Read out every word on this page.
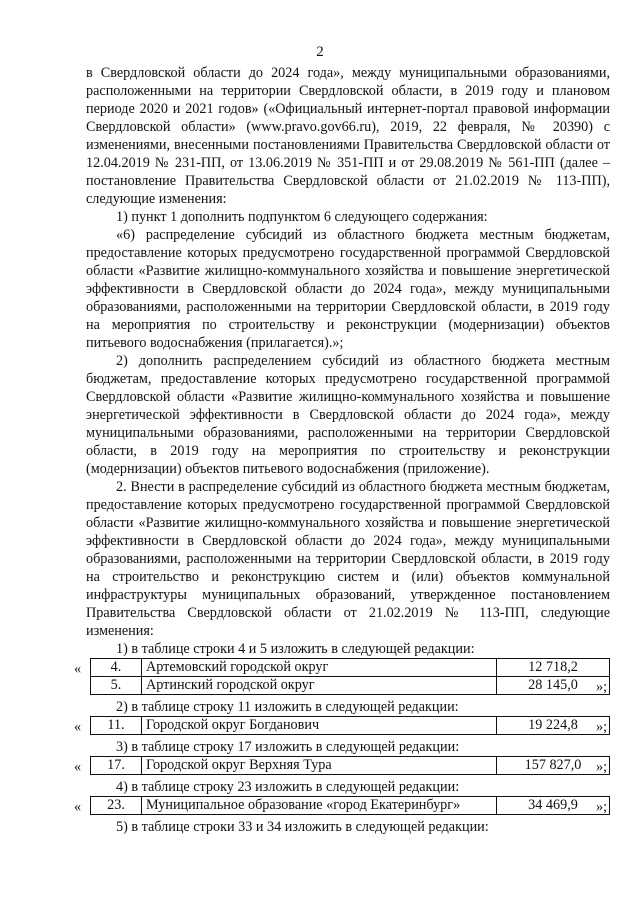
2

в Свердловской области до 2024 года», между муниципальными образованиями, расположенными на территории Свердловской области, в 2019 году и плановом периоде 2020 и 2021 годов» («Официальный интернет-портал правовой информации Свердловской области» (www.pravo.gov66.ru), 2019, 22 февраля, № 20390) с изменениями, внесенными постановлениями Правительства Свердловской области от 12.04.2019 № 231-ПП, от 13.06.2019 № 351-ПП и от 29.08.2019 № 561-ПП (далее – постановление Правительства Свердловской области от 21.02.2019 № 113-ПП), следующие изменения:

1) пункт 1 дополнить подпунктом 6 следующего содержания:

«6) распределение субсидий из областного бюджета местным бюджетам, предоставление которых предусмотрено государственной программой Свердловской области «Развитие жилищно-коммунального хозяйства и повышение энергетической эффективности в Свердловской области до 2024 года», между муниципальными образованиями, расположенными на территории Свердловской области, в 2019 году на мероприятия по строительству и реконструкции (модернизации) объектов питьевого водоснабжения (прилагается).»;

2) дополнить распределением субсидий из областного бюджета местным бюджетам, предоставление которых предусмотрено государственной программой Свердловской области «Развитие жилищно-коммунального хозяйства и повышение энергетической эффективности в Свердловской области до 2024 года», между муниципальными образованиями, расположенными на территории Свердловской области, в 2019 году на мероприятия по строительству и реконструкции (модернизации) объектов питьевого водоснабжения (приложение).

2. Внести в распределение субсидий из областного бюджета местным бюджетам, предоставление которых предусмотрено государственной программой Свердловской области «Развитие жилищно-коммунального хозяйства и повышение энергетической эффективности в Свердловской области до 2024 года», между муниципальными образованиями, расположенными на территории Свердловской области, в 2019 году на строительство и реконструкцию систем и (или) объектов коммунальной инфраструктуры муниципальных образований, утвержденное постановлением Правительства Свердловской области от 21.02.2019 № 113-ПП, следующие изменения:

1) в таблице строки 4 и 5 изложить в следующей редакции:

« 4.	Артемовский городской округ	12 718,2
5.	Артинский городской округ	28 145,0 »;

2) в таблице строку 11 изложить в следующей редакции:

« 11.	Городской округ Богданович	19 224,8 »;

3) в таблице строку 17 изложить в следующей редакции:

« 17.	Городской округ Верхняя Тура	157 827,0 »;

4) в таблице строку 23 изложить в следующей редакции:

« 23.	Муниципальное образование «город Екатеринбург»	34 469,9 »;

5) в таблице строки 33 и 34 изложить в следующей редакции:
